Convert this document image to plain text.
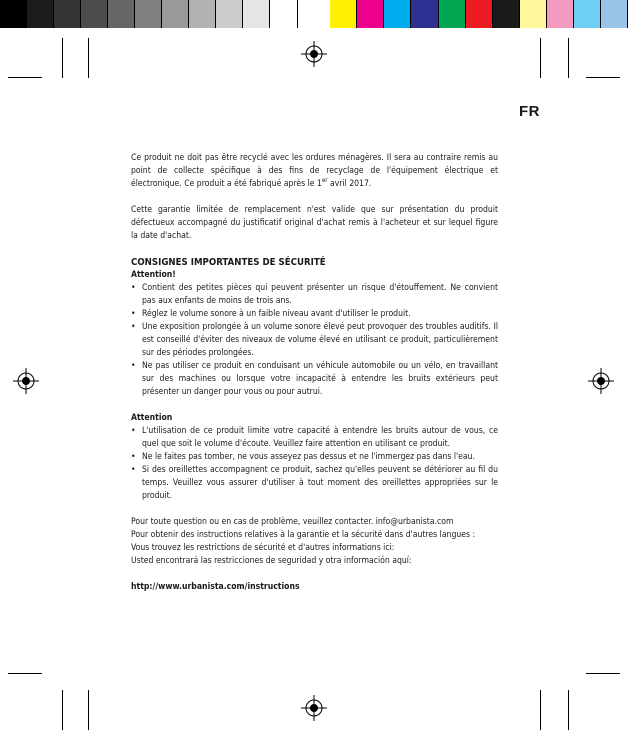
FR

Ce produit ne doit pas être recyclé avec les ordures ménagères. Il sera au contraire remis au point de collecte spécifique à des fins de recyclage de l'équipement électrique et électronique. Ce produit a été fabriqué après le 1er avril 2017.

Cette garantie limitée de remplacement n'est valide que sur présentation du produit défectueux accompagné du justificatif original d'achat remis à l'acheteur et sur lequel figure la date d'achat.

CONSIGNES IMPORTANTES DE SÉCURITÉ

Attention!

• Contient des petites pièces qui peuvent présenter un risque d'étouffement. Ne convient pas aux enfants de moins de trois ans.
• Réglez le volume sonore à un faible niveau avant d'utiliser le produit.
• Une exposition prolongée à un volume sonore élevé peut provoquer des troubles auditifs. Il est conseillé d'éviter des niveaux de volume élevé en utilisant ce produit, particulièrement sur des périodes prolongées.
• Ne pas utiliser ce produit en conduisant un véhicule automobile ou un vélo, en travaillant sur des machines ou lorsque votre incapacité à entendre les bruits extérieurs peut présenter un danger pour vous ou pour autrui.

Attention

• L'utilisation de ce produit limite votre capacité à entendre les bruits autour de vous, ce quel que soit le volume d'écoute. Veuillez faire attention en utilisant ce produit.
• Ne le faites pas tomber, ne vous asseyez pas dessus et ne l'immergez pas dans l'eau.
• Si des oreillettes accompagnent ce produit, sachez qu'elles peuvent se détériorer au fil du temps. Veuillez vous assurer d'utiliser à tout moment des oreillettes appropriées sur le produit.

Pour toute question ou en cas de problème, veuillez contacter. info@urbanista.com

Pour obtenir des instructions relatives à la garantie et la sécurité dans d'autres langues :

Vous trouvez les restrictions de sécurité et d'autres informations ici:

Usted encontrará las restricciones de seguridad y otra información aquí:

http://www.urbanista.com/instructions
